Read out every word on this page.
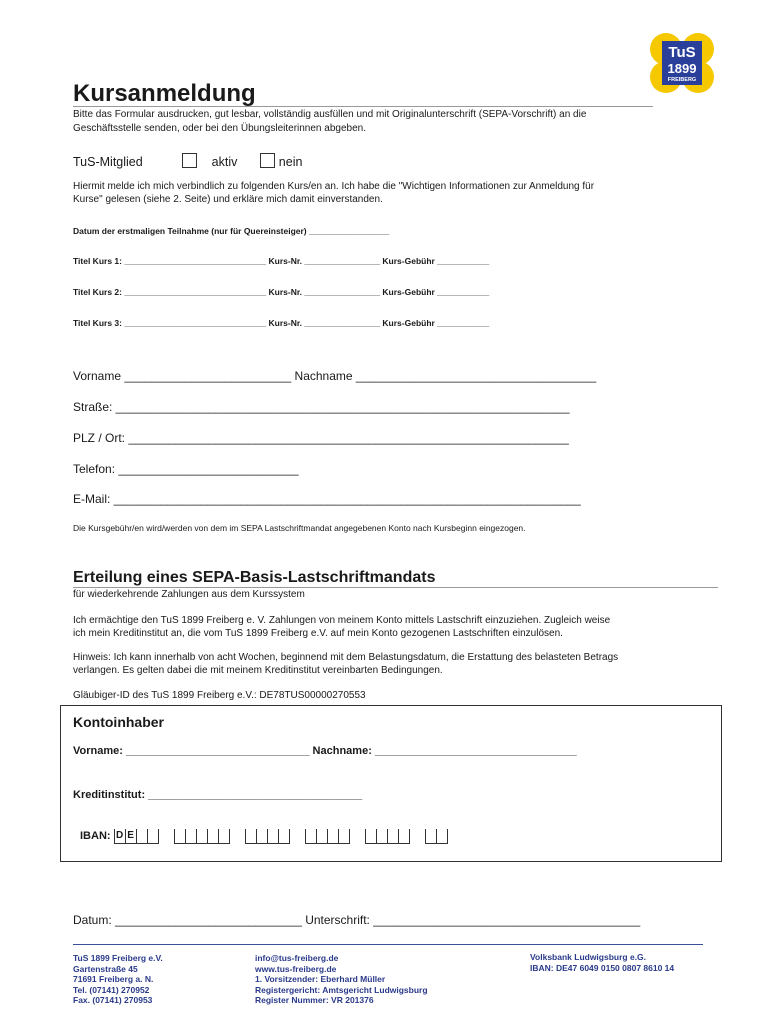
TuS
1899
FREIBERG
Kursanmeldung
Bitte das Formular ausdrucken, gut lesbar, vollständig ausfüllen und mit Originalunterschrift (SEPA-Vorschrift) an die
Geschäftsstelle senden, oder bei den Übungsleiterinnen abgeben.
TuS-Mitglied	aktiv	nein
Hiermit melde ich mich verbindlich zu folgenden Kurs/en an. Ich habe die "Wichtigen Informationen zur Anmeldung für
Kurse" gelesen (siehe 2. Seite) und erkläre mich damit einverstanden.
Datum der erstmaligen Teilnahme (nur für Quereinsteiger) _________________
Titel Kurs 1: ______________________________ Kurs-Nr. ________________ Kurs-Gebühr ___________
Titel Kurs 2: ______________________________ Kurs-Nr. ________________ Kurs-Gebühr ___________
Titel Kurs 3: ______________________________ Kurs-Nr. ________________ Kurs-Gebühr ___________
Vorname _________________________ Nachname ____________________________________
Straße: ____________________________________________________________________
PLZ / Ort: __________________________________________________________________
Telefon: ___________________________
E-Mail: ______________________________________________________________________
Die Kursgebühr/en wird/werden von dem im SEPA Lastschriftmandat angegebenen Konto nach Kursbeginn eingezogen.
Erteilung eines SEPA-Basis-Lastschriftmandats
für wiederkehrende Zahlungen aus dem Kurssystem
Ich ermächtige den TuS 1899 Freiberg e. V. Zahlungen von meinem Konto mittels Lastschrift einzuziehen. Zugleich weise
ich mein Kreditinstitut an, die vom TuS 1899 Freiberg e.V. auf mein Konto gezogenen Lastschriften einzulösen.
Hinweis: Ich kann innerhalb von acht Wochen, beginnend mit dem Belastungsdatum, die Erstattung des belasteten Betrags
verlangen. Es gelten dabei die mit meinem Kreditinstitut vereinbarten Bedingungen.
Gläubiger-ID des TuS 1899 Freiberg e.V.: DE78TUS00000270553
Kontoinhaber
Vorname: ______________________________ Nachname: _________________________________
Kreditinstitut: ___________________________________
IBAN: D E
Datum: ____________________________ Unterschrift: ________________________________________
TuS 1899 Freiberg e.V.
Gartenstraße 45
71691 Freiberg a. N.
Tel. (07141) 270952
Fax. (07141) 270953
info@tus-freiberg.de
www.tus-freiberg.de
1. Vorsitzender: Eberhard Müller
Registergericht: Amtsgericht Ludwigsburg
Register Nummer: VR 201376
Volksbank Ludwigsburg e.G.
IBAN: DE47 6049 0150 0807 8610 14
